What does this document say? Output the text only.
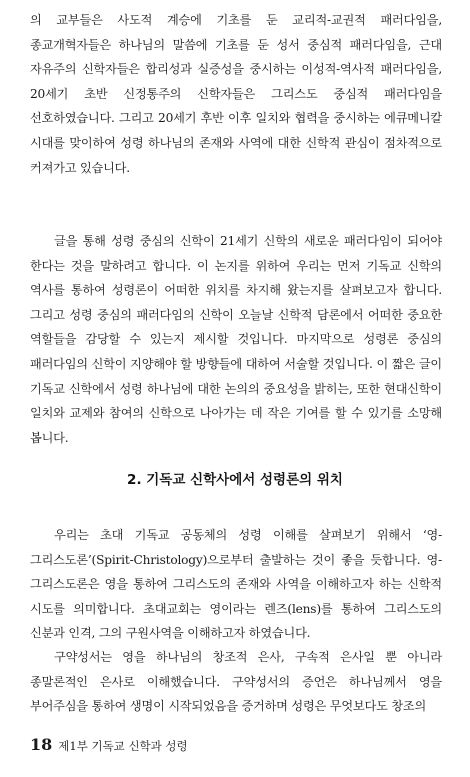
의 교부들은 사도적 계승에 기초를 둔 교리적-교권적 패러다임을, 종교개혁자들은 하나님의 말씀에 기초를 둔 성서 중심적 패러다임을, 근대 자유주의 신학자들은 합리성과 실증성을 중시하는 이성적-역사적 패러다임을, 20세기 초반 신정통주의 신학자들은 그리스도 중심적 패러다임을 선호하였습니다. 그리고 20세기 후반 이후 일치와 협력을 중시하는 에큐메니칼 시대를 맞이하여 성령 하나님의 존재와 사역에 대한 신학적 관심이 점차적으로 커져가고 있습니다.

글을 통해 성령 중심의 신학이 21세기 신학의 새로운 패러다임이 되어야 한다는 것을 말하려고 합니다. 이 논지를 위하여 우리는 먼저 기독교 신학의 역사를 통하여 성령론이 어떠한 위치를 차지해 왔는지를 살펴보고자 합니다. 그리고 성령 중심의 패러다임의 신학이 오늘날 신학적 담론에서 어떠한 중요한 역할들을 감당할 수 있는지 제시할 것입니다. 마지막으로 성령론 중심의 패러다임의 신학이 지양해야 할 방향들에 대하여 서술할 것입니다. 이 짧은 글이 기독교 신학에서 성령 하나님에 대한 논의의 중요성을 밝히는, 또한 현대신학이 일치와 교제와 참여의 신학으로 나아가는 데 작은 기여를 할 수 있기를 소망해 봅니다.

2. 기독교 신학사에서 성령론의 위치

우리는 초대 기독교 공동체의 성령 이해를 살펴보기 위해서 ‘영-그리스도론’(Spirit-Christology)으로부터 출발하는 것이 좋을 듯합니다. 영-그리스도론은 영을 통하여 그리스도의 존재와 사역을 이해하고자 하는 신학적 시도를 의미합니다. 초대교회는 영이라는 렌즈(lens)를 통하여 그리스도의 신분과 인격, 그의 구원사역을 이해하고자 하였습니다.

구약성서는 영을 하나님의 창조적 은사, 구속적 은사일 뿐 아니라 종말론적인 은사로 이해했습니다. 구약성서의 증언은 하나님께서 영을 부어주심을 통하여 생명이 시작되었음을 증거하며 성령은 무엇보다도 창조의

18 제1부 기독교 신학과 성령
